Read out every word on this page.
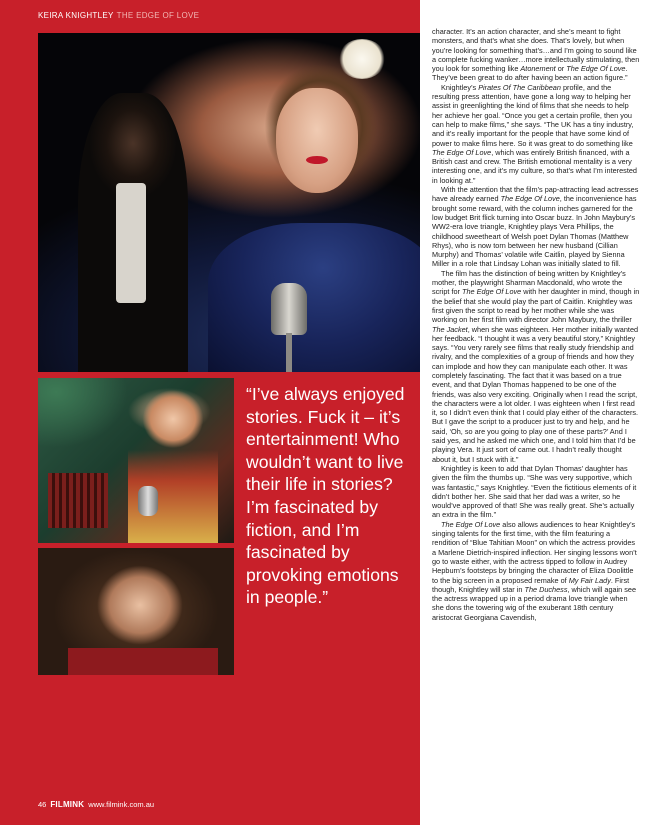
KEIRA KNIGHTLEY THE EDGE OF LOVE

“I’ve always enjoyed stories. Fuck it – it’s entertainment! Who wouldn’t want to live their life in stories? I’m fascinated by fiction, and I’m fascinated by provoking emotions in people.”

character. It’s an action character, and she’s meant to fight monsters, and that’s what she does. That’s lovely, but when you’re looking for something that’s…and I’m going to sound like a complete fucking wanker…more intellectually stimulating, then you look for something like Atonement or The Edge Of Love. They’ve been great to do after having been an action figure.”

Knightley’s Pirates Of The Caribbean profile, and the resulting press attention, have gone a long way to helping her assist in greenlighting the kind of films that she needs to help her achieve her goal. “Once you get a certain profile, then you can help to make films,” she says. “The UK has a tiny industry, and it’s really important for the people that have some kind of power to make films here. So it was great to do something like The Edge Of Love, which was entirely British financed, with a British cast and crew. The British emotional mentality is a very interesting one, and it’s my culture, so that’s what I’m interested in looking at.”

With the attention that the film’s pap-attracting lead actresses have already earned The Edge Of Love, the inconvenience has brought some reward, with the column inches garnered for the low budget Brit flick turning into Oscar buzz. In John Maybury’s WW2-era love triangle, Knightley plays Vera Phillips, the childhood sweetheart of Welsh poet Dylan Thomas (Matthew Rhys), who is now torn between her new husband (Cillian Murphy) and Thomas’ volatile wife Caitlin, played by Sienna Miller in a role that Lindsay Lohan was initially slated to fill.

The film has the distinction of being written by Knightley’s mother, the playwright Sharman Macdonald, who wrote the script for The Edge Of Love with her daughter in mind, though in the belief that she would play the part of Caitlin. Knightley was first given the script to read by her mother while she was working on her first film with director John Maybury, the thriller The Jacket, when she was eighteen. Her mother initially wanted her feedback. “I thought it was a very beautiful story,” Knightley says. “You very rarely see films that really study friendship and rivalry, and the complexities of a group of friends and how they can implode and how they can manipulate each other. It was completely fascinating. The fact that it was based on a true event, and that Dylan Thomas happened to be one of the friends, was also very exciting. Originally when I read the script, the characters were a lot older. I was eighteen when I first read it, so I didn’t even think that I could play either of the characters. But I gave the script to a producer just to try and help, and he said, ‘Oh, so are you going to play one of these parts?’ And I said yes, and he asked me which one, and I told him that I’d be playing Vera. It just sort of came out. I hadn’t really thought about it, but I stuck with it.”

Knightley is keen to add that Dylan Thomas’ daughter has given the film the thumbs up. “She was very supportive, which was fantastic,” says Knightley. “Even the fictitious elements of it didn’t bother her. She said that her dad was a writer, so he would’ve approved of that! She was really great. She’s actually an extra in the film.”

The Edge Of Love also allows audiences to hear Knightley’s singing talents for the first time, with the film featuring a rendition of “Blue Tahitian Moon” on which the actress provides a Marlene Dietrich-inspired inflection. Her singing lessons won’t go to waste either, with the actress tipped to follow in Audrey Hepburn’s footsteps by bringing the character of Eliza Doolittle to the big screen in a proposed remake of My Fair Lady. First though, Knightley will star in The Duchess, which will again see the actress wrapped up in a period drama love triangle when she dons the towering wig of the exuberant 18th century aristocrat Georgiana Cavendish,

46 FILMINK www.filmink.com.au
